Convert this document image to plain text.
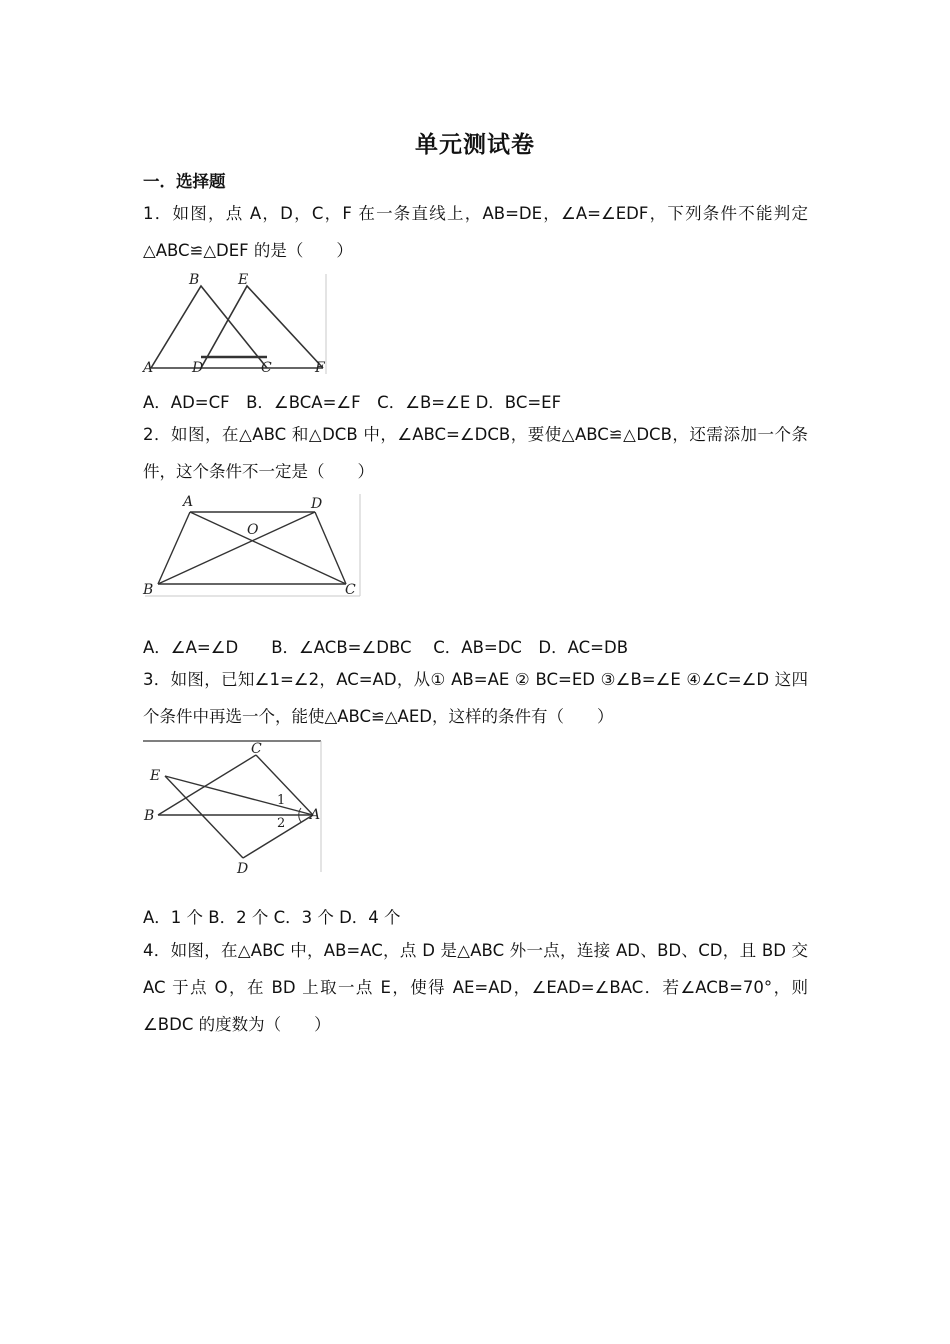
单元测试卷
一．选择题
1．如图，点 A，D，C，F 在一条直线上，AB=DE，∠A=∠EDF，下列条件不能判定△ABC≌△DEF 的是（　　）
A
B
D
E
C	F
A．AD=CF　B．∠BCA=∠F　C．∠B=∠E D．BC=EF
2．如图，在△ABC 和△DCB 中，∠ABC=∠DCB，要使△ABC≌△DCB，还需添加一个条件，这个条件不一定是（　　）
A	D
O
B	C
A．∠A=∠D　　B．∠ACB=∠DBC　 C．AB=DC　D．AC=DB
3．如图，已知∠1=∠2，AC=AD，从① AB=AE ② BC=ED ③∠B=∠E ④∠C=∠D 这四个条件中再选一个，能使△ABC≌△AED，这样的条件有（　　）
C
E
B	A
D
1
2
A．1 个 B．2 个 C．3 个 D．4 个
4．如图，在△ABC 中，AB=AC，点 D 是△ABC 外一点，连接 AD、BD、CD，且 BD 交 AC 于点 O，在 BD 上取一点 E，使得 AE=AD，∠EAD=∠BAC．若∠ACB=70°，则∠BDC 的度数为（　　）
